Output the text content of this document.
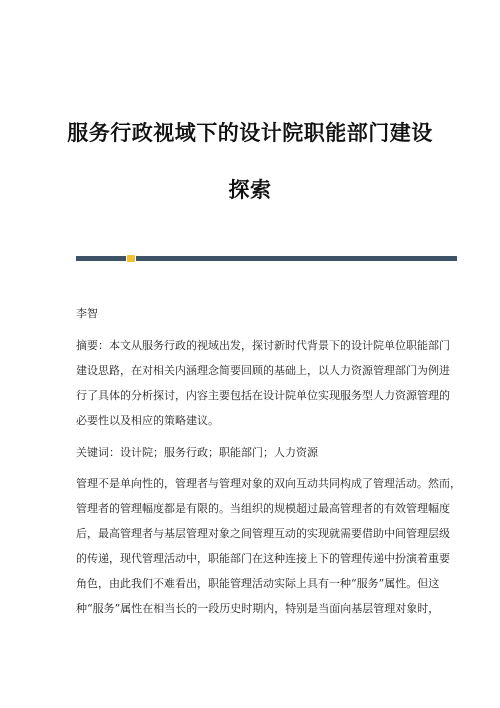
服务行政视域下的设计院职能部门建设
探索
李智
摘要：本文从服务行政的视域出发，探讨新时代背景下的设计院单位职能部门
建设思路，在对相关内涵理念简要回顾的基础上，以人力资源管理部门为例进
行了具体的分析探讨，内容主要包括在设计院单位实现服务型人力资源管理的
必要性以及相应的策略建议。
关键词：设计院；服务行政；职能部门；人力资源
管理不是单向性的，管理者与管理对象的双向互动共同构成了管理活动。然而，
管理者的管理幅度都是有限的。当组织的规模超过最高管理者的有效管理幅度
后，最高管理者与基层管理对象之间管理互动的实现就需要借助中间管理层级
的传递，现代管理活动中，职能部门在这种连接上下的管理传递中扮演着重要
角色，由此我们不难看出，职能管理活动实际上具有一种“服务”属性。但这
种“服务”属性在相当长的一段历史时期内，特别是当面向基层管理对象时，
